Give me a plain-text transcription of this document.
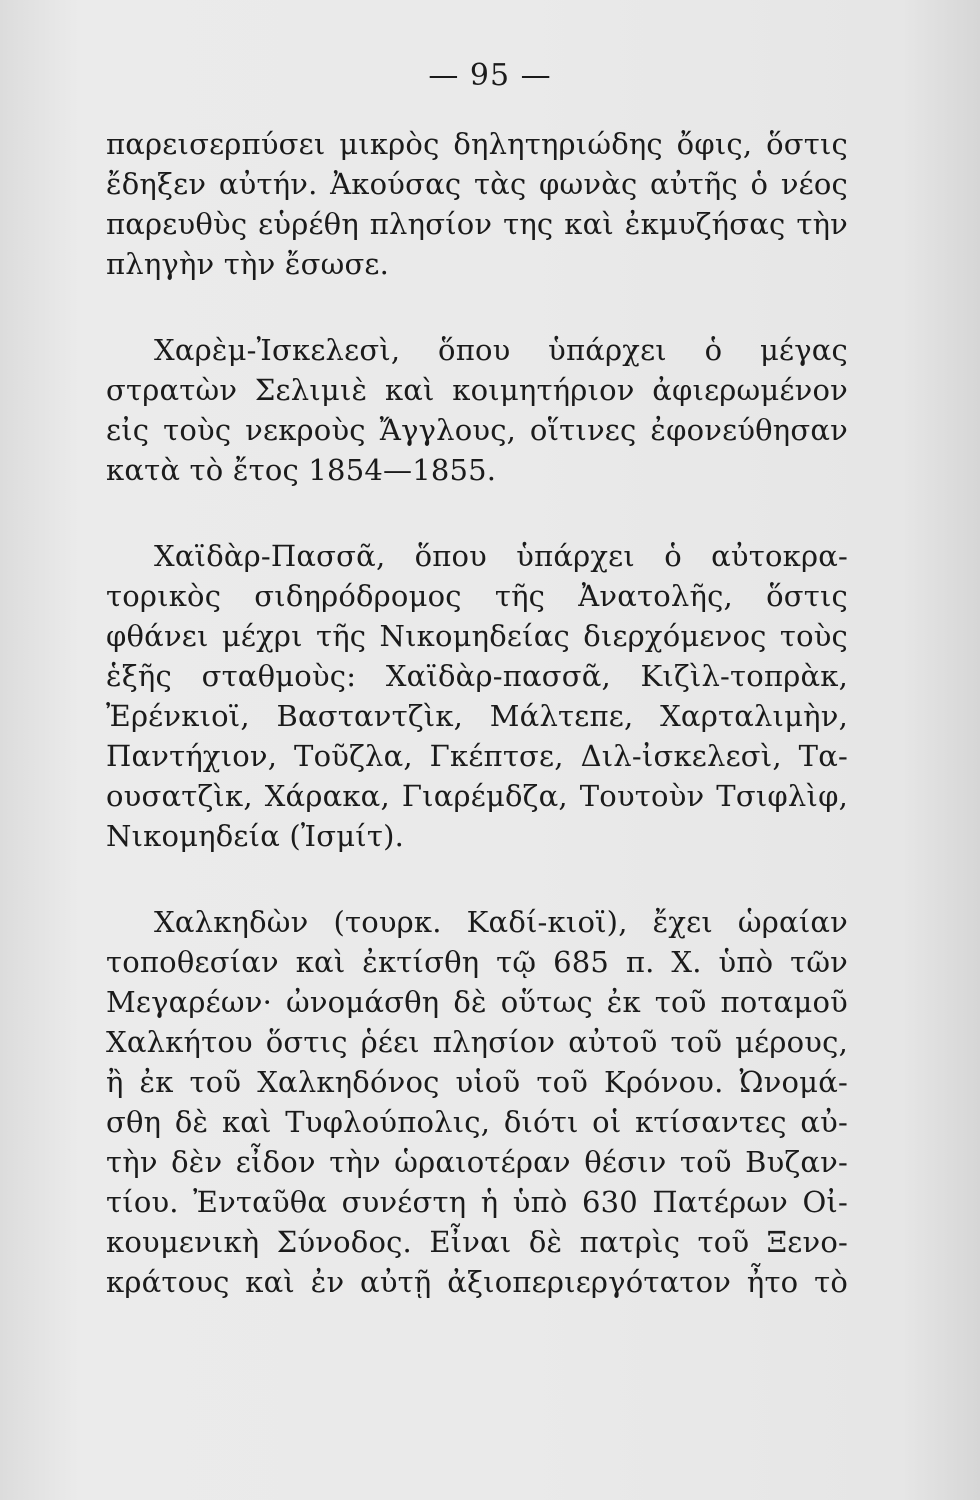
— 95 —
παρεισερπύσει μικρὸς δηλητηριώδης ὄφις, ὅστις
ἔδηξεν αὐτήν. Ἀκούσας τὰς φωνὰς αὐτῆς ὁ νέος
παρευθὺς εὑρέθη πλησίον της καὶ ἐκμυζήσας τὴν
πληγὴν τὴν ἔσωσε.
Χαρὲμ-Ἰσκελεσὶ, ὅπου ὑπάρχει ὁ μέγας
στρατὼν Σελιμιὲ καὶ κοιμητήριον ἀφιερωμένον
εἰς τοὺς νεκροὺς Ἄγγλους, οἵτινες ἐφονεύθησαν
κατὰ τὸ ἔτος 1854—1855.
Χαϊδὰρ-Πασσᾶ, ὅπου ὑπάρχει ὁ αὐτοκρα-
τορικὸς σιδηρόδρομος τῆς Ἀνατολῆς, ὅστις
φθάνει μέχρι τῆς Νικομηδείας διερχόμενος τοὺς
ἑξῆς σταθμοὺς: Χαϊδὰρ-πασσᾶ, Κιζὶλ-τοπρὰκ,
Ἐρένκιοϊ, Βασταντζὶκ, Μάλτεπε, Χαρταλιμὴν,
Παντήχιον, Τοῦζλα, Γκέπτσε, Διλ-ἰσκελεσὶ, Τα-
ουσατζὶκ, Χάρακα, Γιαρέμδζα, Τουτοὺν Τσιφλὶφ,
Νικομηδεία (Ἰσμίτ).
Χαλκηδὼν (τουρκ. Καδί-κιοϊ), ἔχει ὡραίαν
τοποθεσίαν καὶ ἐκτίσθη τῷ 685 π. Χ. ὑπὸ τῶν
Μεγαρέων· ὠνομάσθη δὲ οὕτως ἐκ τοῦ ποταμοῦ
Χαλκήτου ὅστις ῥέει πλησίον αὐτοῦ τοῦ μέρους,
ἢ ἐκ τοῦ Χαλκηδόνος υἱοῦ τοῦ Κρόνου. Ὠνομά-
σθη δὲ καὶ Τυφλούπολις, διότι οἱ κτίσαντες αὐ-
τὴν δὲν εἶδον τὴν ὡραιοτέραν θέσιν τοῦ Βυζαν-
τίου. Ἐνταῦθα συνέστη ἡ ὑπὸ 630 Πατέρων Οἰ-
κουμενικὴ Σύνοδος. Εἶναι δὲ πατρὶς τοῦ Ξενο-
κράτους καὶ ἐν αὐτῇ ἀξιοπεριεργότατον ἦτο τὸ
